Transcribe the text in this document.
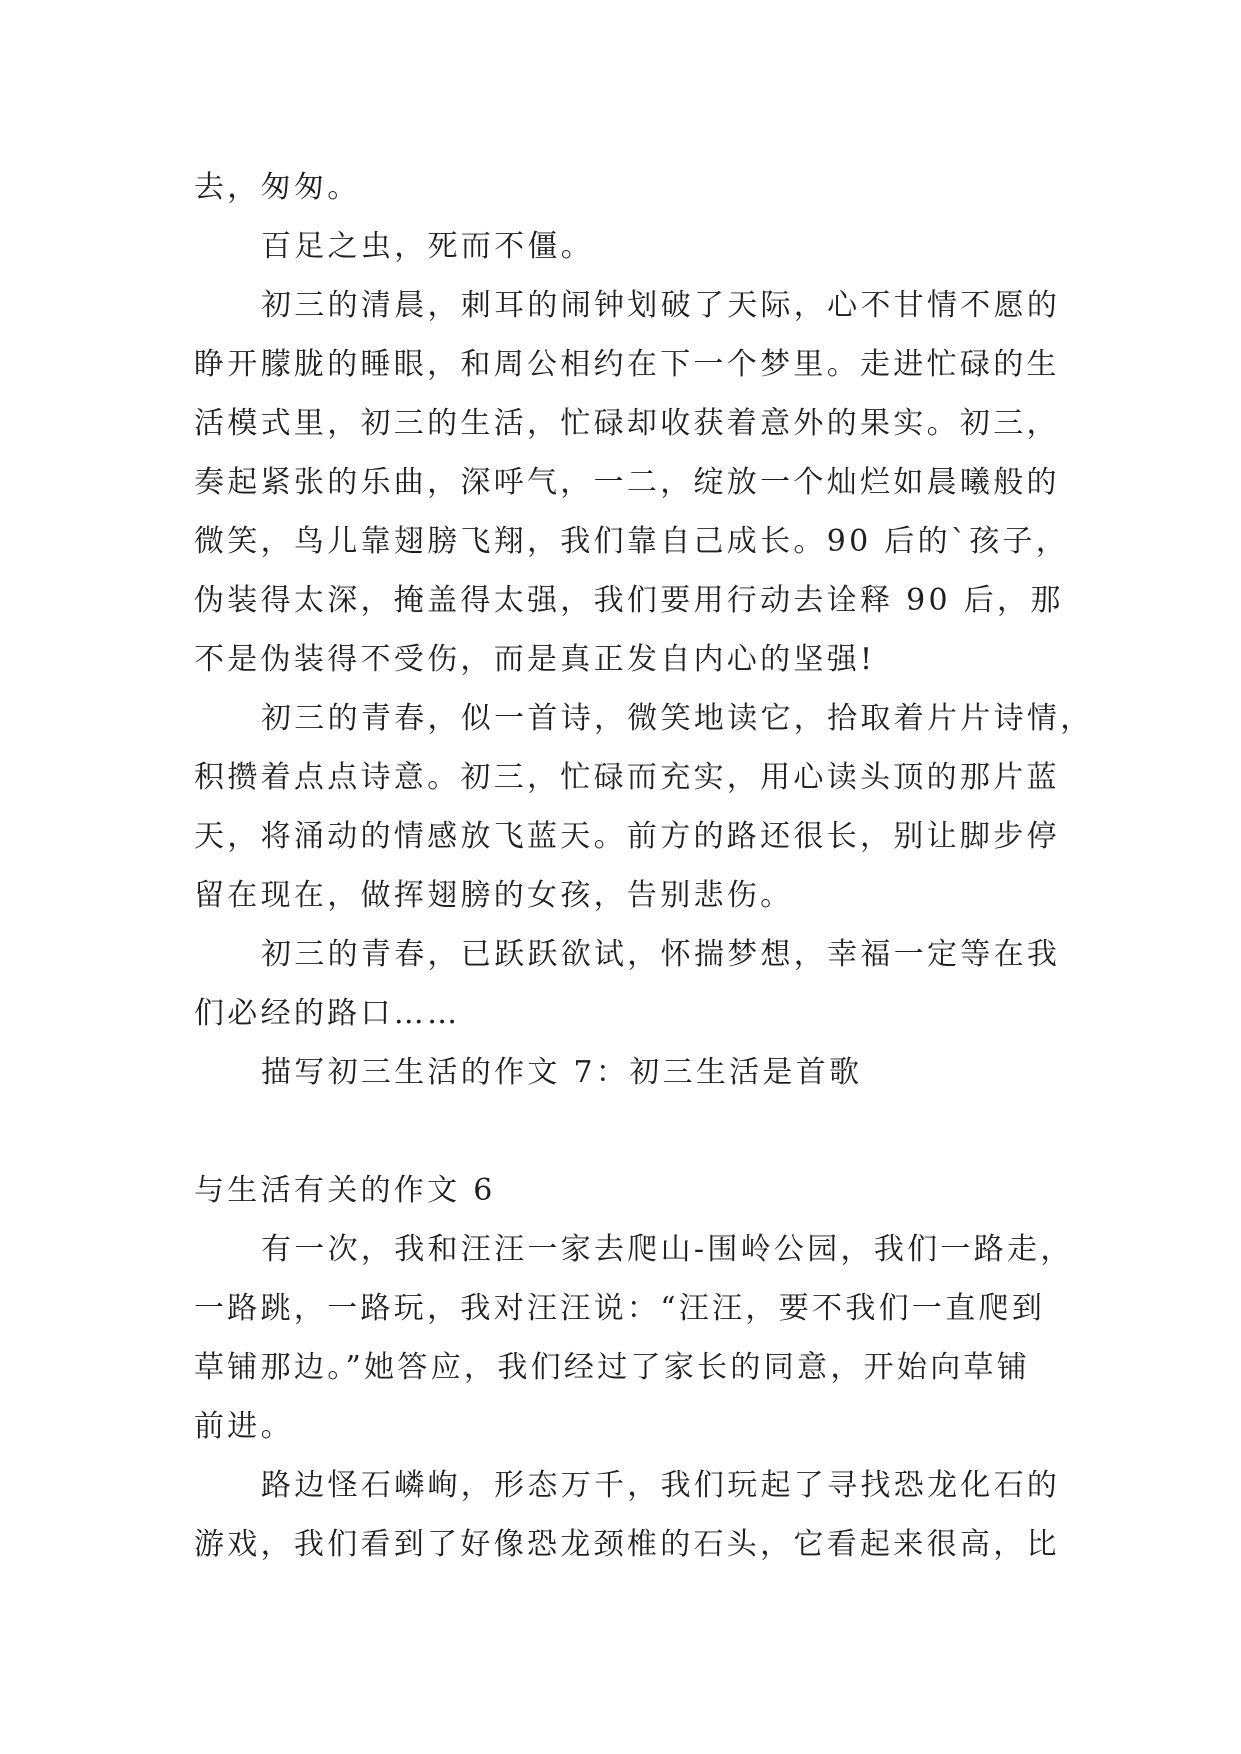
去，匆匆。
百足之虫，死而不僵。
初三的清晨，刺耳的闹钟划破了天际，心不甘情不愿的
睁开朦胧的睡眼，和周公相约在下一个梦里。走进忙碌的生
活模式里，初三的生活，忙碌却收获着意外的果实。初三，
奏起紧张的乐曲，深呼气，一二，绽放一个灿烂如晨曦般的
微笑，鸟儿靠翅膀飞翔，我们靠自己成长。90 后的`孩子，
伪装得太深，掩盖得太强，我们要用行动去诠释 90 后，那
不是伪装得不受伤，而是真正发自内心的坚强!
初三的青春，似一首诗，微笑地读它，拾取着片片诗情，
积攒着点点诗意。初三，忙碌而充实，用心读头顶的那片蓝
天，将涌动的情感放飞蓝天。前方的路还很长，别让脚步停
留在现在，做挥翅膀的女孩，告别悲伤。
初三的青春，已跃跃欲试，怀揣梦想，幸福一定等在我
们必经的路口……
描写初三生活的作文 7：初三生活是首歌
与生活有关的作文 6
有一次，我和汪汪一家去爬山-围岭公园，我们一路走，
一路跳，一路玩，我对汪汪说：“汪汪，要不我们一直爬到
草铺那边。”她答应，我们经过了家长的同意，开始向草铺
前进。
路边怪石嶙峋，形态万千，我们玩起了寻找恐龙化石的
游戏，我们看到了好像恐龙颈椎的石头，它看起来很高，比
